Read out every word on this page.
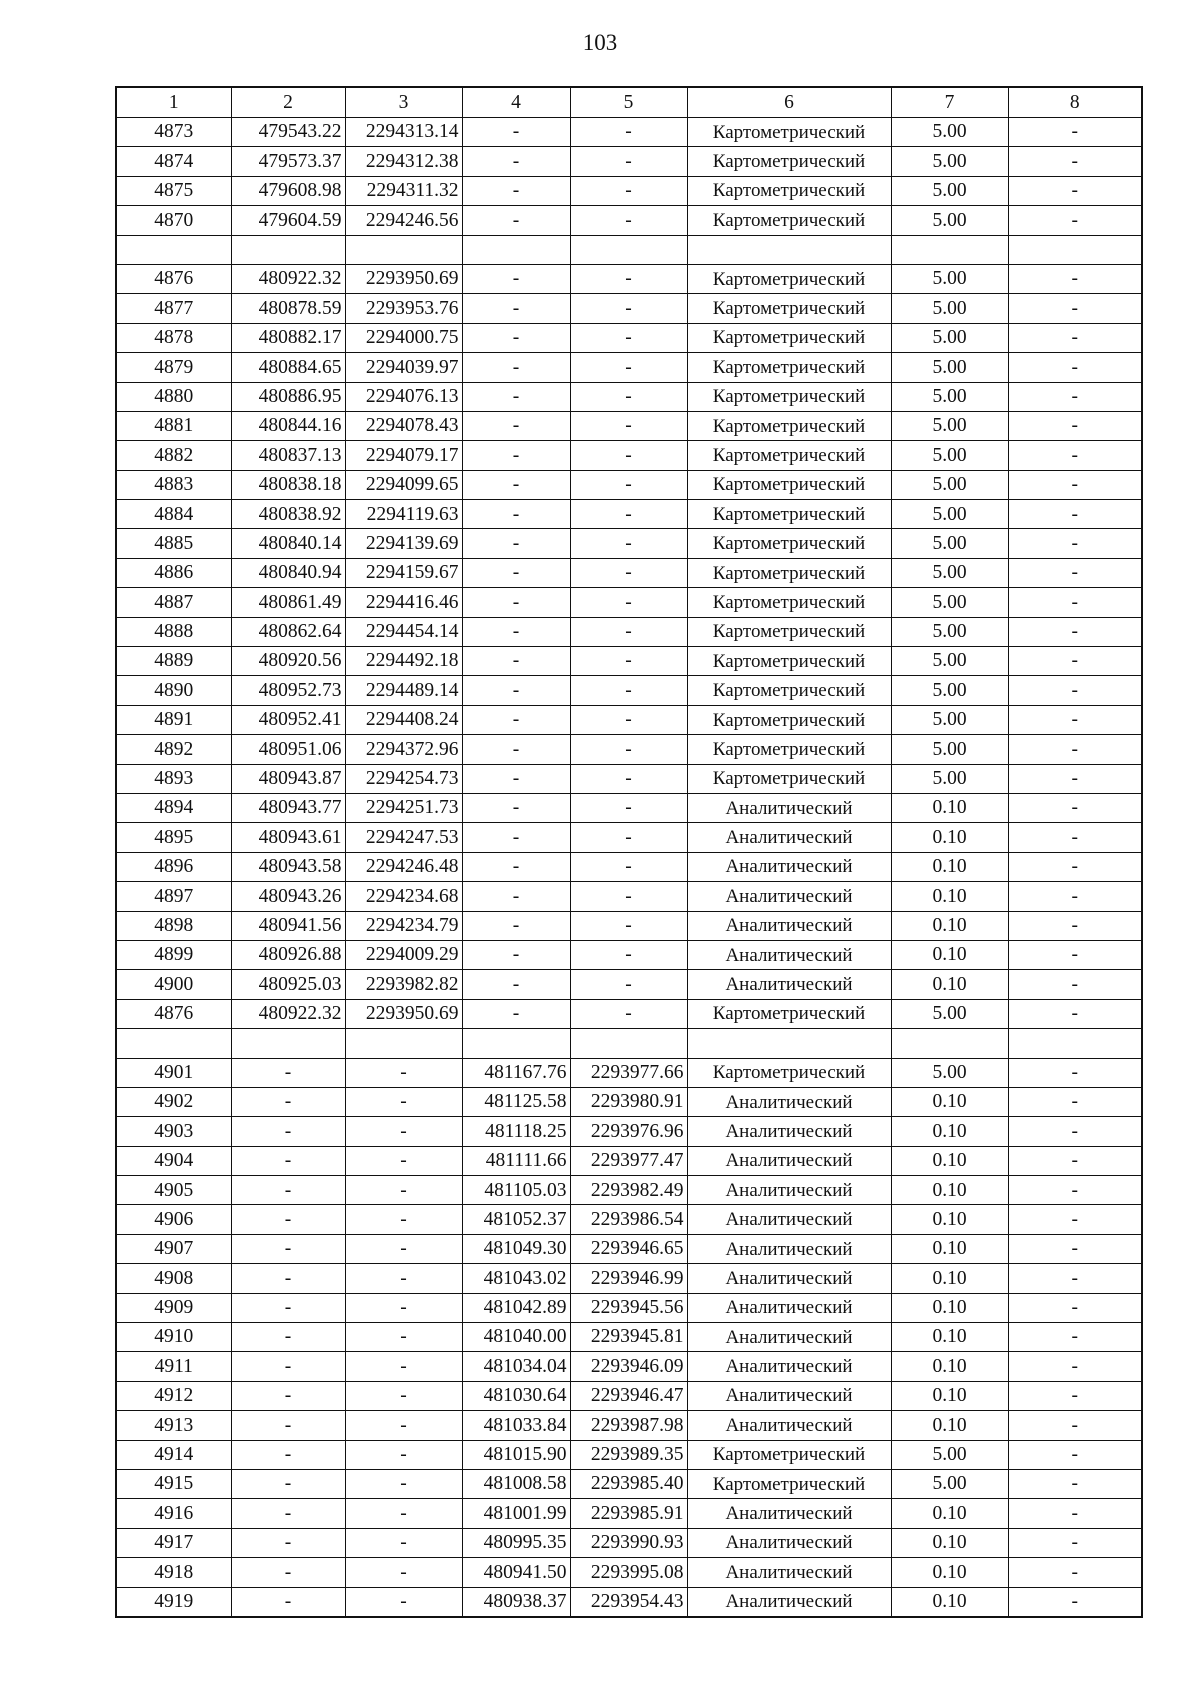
103
1	2	3	4	5	6	7	8
4873	479543.22	2294313.14	-	-	Картометрический	5.00	-
4874	479573.37	2294312.38	-	-	Картометрический	5.00	-
4875	479608.98	2294311.32	-	-	Картометрический	5.00	-
4870	479604.59	2294246.56	-	-	Картометрический	5.00	-

4876	480922.32	2293950.69	-	-	Картометрический	5.00	-
4877	480878.59	2293953.76	-	-	Картометрический	5.00	-
4878	480882.17	2294000.75	-	-	Картометрический	5.00	-
4879	480884.65	2294039.97	-	-	Картометрический	5.00	-
4880	480886.95	2294076.13	-	-	Картометрический	5.00	-
4881	480844.16	2294078.43	-	-	Картометрический	5.00	-
4882	480837.13	2294079.17	-	-	Картометрический	5.00	-
4883	480838.18	2294099.65	-	-	Картометрический	5.00	-
4884	480838.92	2294119.63	-	-	Картометрический	5.00	-
4885	480840.14	2294139.69	-	-	Картометрический	5.00	-
4886	480840.94	2294159.67	-	-	Картометрический	5.00	-
4887	480861.49	2294416.46	-	-	Картометрический	5.00	-
4888	480862.64	2294454.14	-	-	Картометрический	5.00	-
4889	480920.56	2294492.18	-	-	Картометрический	5.00	-
4890	480952.73	2294489.14	-	-	Картометрический	5.00	-
4891	480952.41	2294408.24	-	-	Картометрический	5.00	-
4892	480951.06	2294372.96	-	-	Картометрический	5.00	-
4893	480943.87	2294254.73	-	-	Картометрический	5.00	-
4894	480943.77	2294251.73	-	-	Аналитический	0.10	-
4895	480943.61	2294247.53	-	-	Аналитический	0.10	-
4896	480943.58	2294246.48	-	-	Аналитический	0.10	-
4897	480943.26	2294234.68	-	-	Аналитический	0.10	-
4898	480941.56	2294234.79	-	-	Аналитический	0.10	-
4899	480926.88	2294009.29	-	-	Аналитический	0.10	-
4900	480925.03	2293982.82	-	-	Аналитический	0.10	-
4876	480922.32	2293950.69	-	-	Картометрический	5.00	-

4901	-	-	481167.76	2293977.66	Картометрический	5.00	-
4902	-	-	481125.58	2293980.91	Аналитический	0.10	-
4903	-	-	481118.25	2293976.96	Аналитический	0.10	-
4904	-	-	481111.66	2293977.47	Аналитический	0.10	-
4905	-	-	481105.03	2293982.49	Аналитический	0.10	-
4906	-	-	481052.37	2293986.54	Аналитический	0.10	-
4907	-	-	481049.30	2293946.65	Аналитический	0.10	-
4908	-	-	481043.02	2293946.99	Аналитический	0.10	-
4909	-	-	481042.89	2293945.56	Аналитический	0.10	-
4910	-	-	481040.00	2293945.81	Аналитический	0.10	-
4911	-	-	481034.04	2293946.09	Аналитический	0.10	-
4912	-	-	481030.64	2293946.47	Аналитический	0.10	-
4913	-	-	481033.84	2293987.98	Аналитический	0.10	-
4914	-	-	481015.90	2293989.35	Картометрический	5.00	-
4915	-	-	481008.58	2293985.40	Картометрический	5.00	-
4916	-	-	481001.99	2293985.91	Аналитический	0.10	-
4917	-	-	480995.35	2293990.93	Аналитический	0.10	-
4918	-	-	480941.50	2293995.08	Аналитический	0.10	-
4919	-	-	480938.37	2293954.43	Аналитический	0.10	-
